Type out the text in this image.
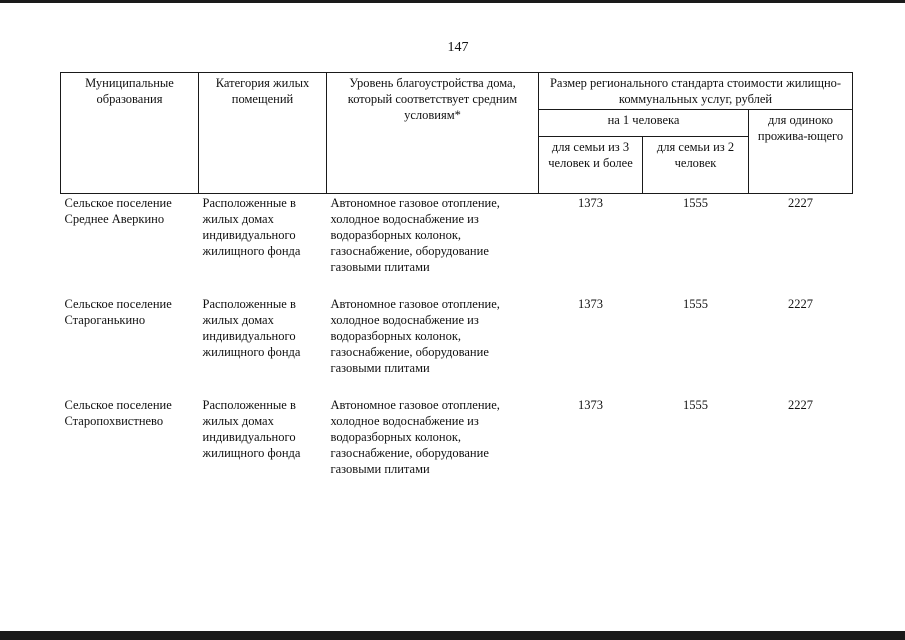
147
Муниципальные образования	Категория жилых помещений	Уровень благоустройства дома, который соответствует средним условиям*	Размер регионального стандарта стоимости жилищно-коммунальных услуг, рублей		
			на 1 человека		для одиноко прожива-ющего
			для семьи из 3 человек и более	для семьи из 2 человек	
Сельское поселение Среднее Аверкино	Расположенные в жилых домах индивидуального жилищного фонда	Автономное газовое отопление, холодное водоснабжение из водоразборных колонок, газоснабжение, оборудование газовыми плитами	1373	1555	2227
Сельское поселение Староганькино	Расположенные в жилых домах индивидуального жилищного фонда	Автономное газовое отопление, холодное водоснабжение из водоразборных колонок, газоснабжение, оборудование газовыми плитами	1373	1555	2227
Сельское поселение Старопохвистнево	Расположенные в жилых домах индивидуального жилищного фонда	Автономное газовое отопление, холодное водоснабжение из водоразборных колонок, газоснабжение, оборудование газовыми плитами	1373	1555	2227
